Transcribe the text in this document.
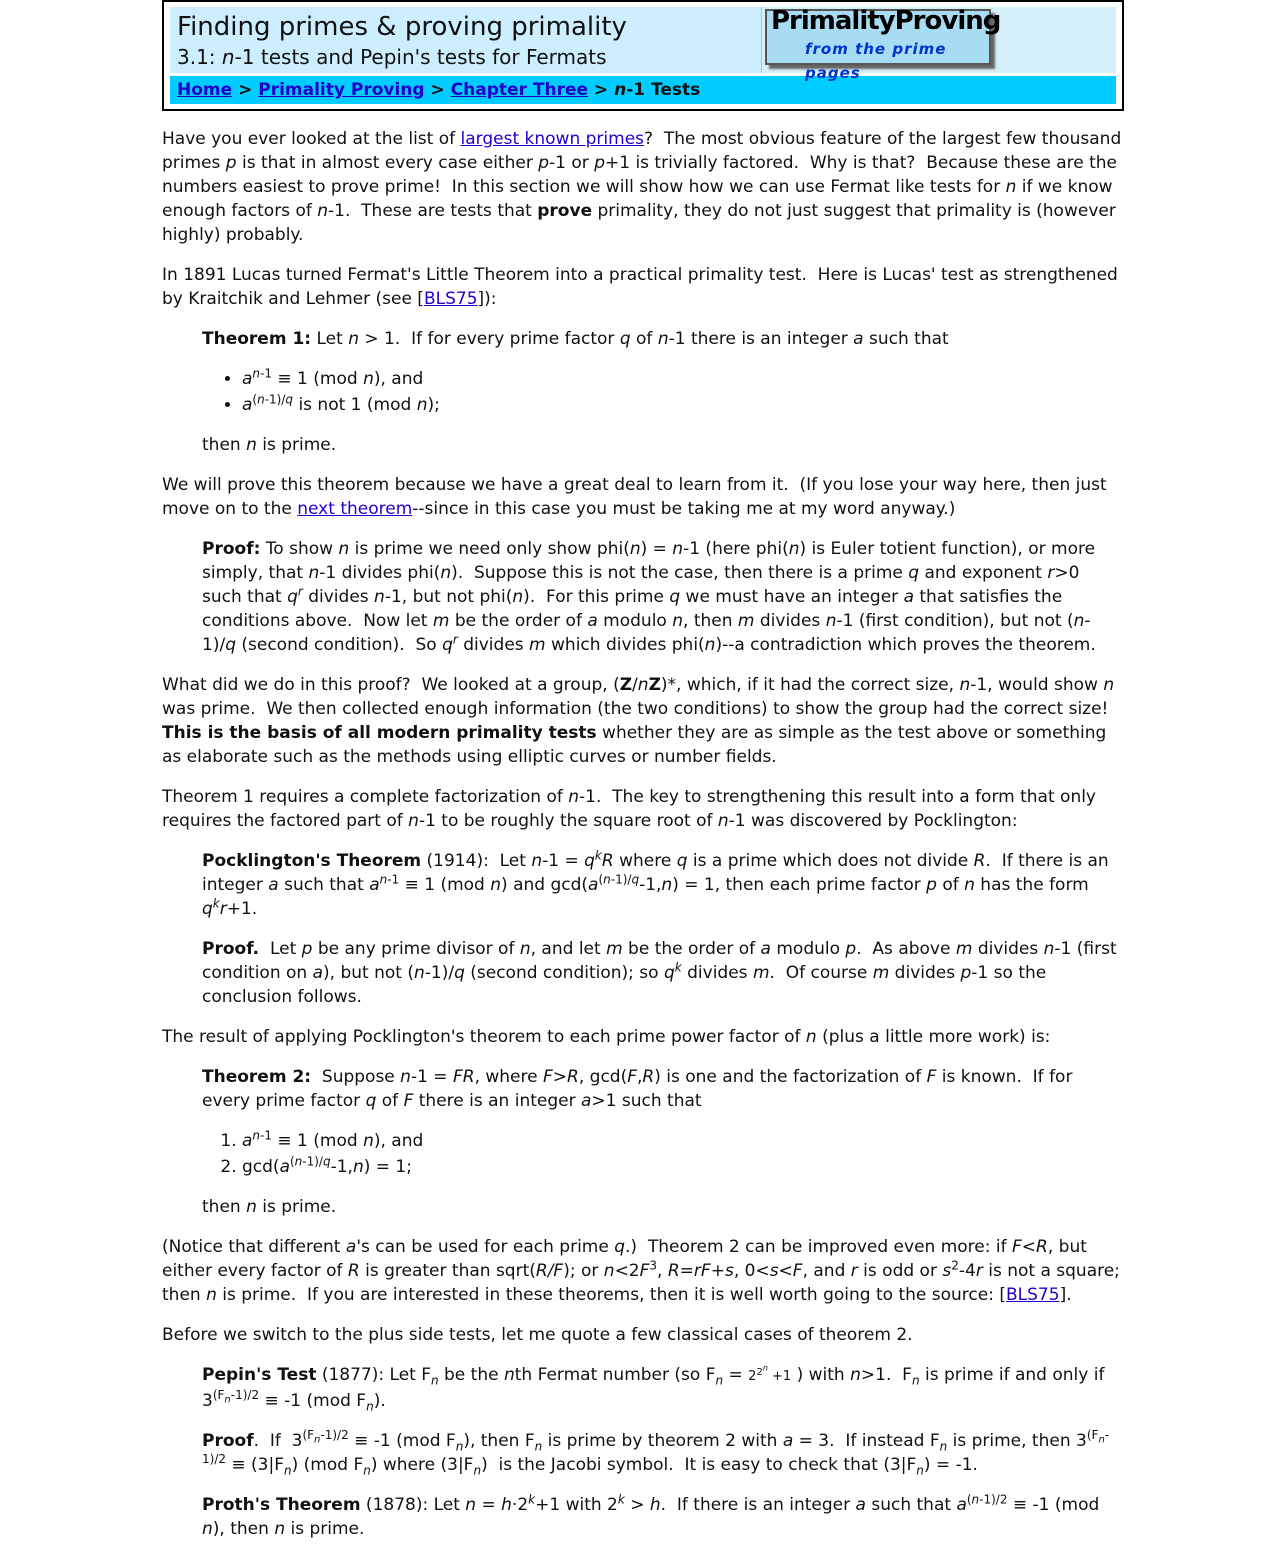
Finding primes & proving primality
3.1: n-1 tests and Pepin's tests for Fermats
PrimalityProving
from the prime pages
Home > Primality Proving > Chapter Three > n-1 Tests

Have you ever looked at the list of largest known primes?  The most obvious feature of the largest few thousand primes p is that in almost every case either p-1 or p+1 is trivially factored.  Why is that?  Because these are the numbers easiest to prove prime!  In this section we will show how we can use Fermat like tests for n if we know enough factors of n-1.  These are tests that prove primality, they do not just suggest that primality is (however highly) probably.

In 1891 Lucas turned Fermat's Little Theorem into a practical primality test.  Here is Lucas' test as strengthened by Kraitchik and Lehmer (see [BLS75]):

Theorem 1: Let n > 1.  If for every prime factor q of n-1 there is an integer a such that

• $a^{n-1} \equiv 1$ (mod n), and
• $a^{(n-1)/q}$ is not 1 (mod n);

then n is prime.

We will prove this theorem because we have a great deal to learn from it.  (If you lose your way here, then just move on to the next theorem--since in this case you must be taking me at my word anyway.)

Proof: To show n is prime we need only show phi(n) = n-1 (here phi(n) is Euler totient function), or more simply, that n-1 divides phi(n).  Suppose this is not the case, then there is a prime q and exponent r>0 such that $q^r$ divides n-1, but not phi(n).  For this prime q we must have an integer a that satisfies the conditions above.  Now let m be the order of a modulo n, then m divides n-1 (first condition), but not (n-1)/q (second condition).  So $q^r$ divides m which divides phi(n)--a contradiction which proves the theorem.

What did we do in this proof?  We looked at a group, (Z/nZ)*, which, if it had the correct size, n-1, would show n was prime.  We then collected enough information (the two conditions) to show the group had the correct size!  This is the basis of all modern primality tests whether they are as simple as the test above or something as elaborate such as the methods using elliptic curves or number fields.

Theorem 1 requires a complete factorization of n-1.  The key to strengthening this result into a form that only requires the factored part of n-1 to be roughly the square root of n-1 was discovered by Pocklington:

Pocklington's Theorem (1914):  Let $n-1 = q^kR$ where q is a prime which does not divide R.  If there is an integer a such that $a^{n-1} \equiv 1$ (mod n) and $\gcd(a^{(n-1)/q}-1,n) = 1$, then each prime factor p of n has the form $q^kr+1$.

Proof.  Let p be any prime divisor of n, and let m be the order of a modulo p.  As above m divides n-1 (first condition on a), but not (n-1)/q (second condition); so $q^k$ divides m.  Of course m divides p-1 so the conclusion follows.

The result of applying Pocklington's theorem to each prime power factor of n (plus a little more work) is:

Theorem 2:  Suppose n-1 = FR, where F>R, gcd(F,R) is one and the factorization of F is known.  If for every prime factor q of F there is an integer a>1 such that

1. $a^{n-1} \equiv 1$ (mod n), and
2. $\gcd(a^{(n-1)/q}-1,n) = 1$;

then n is prime.

(Notice that different a's can be used for each prime q.)  Theorem 2 can be improved even more: if F<R, but either every factor of R is greater than sqrt(R/F); or $n<2F^3$, R=rF+s, 0<s<F, and r is odd or $s^2-4r$ is not a square; then n is prime.  If you are interested in these theorems, then it is well worth going to the source: [BLS75].

Before we switch to the plus side tests, let me quote a few classical cases of theorem 2.

Pepin's Test (1877): Let $F_n$ be the nth Fermat number (so $F_n = 2^{2^n} +1$ ) with n>1.  $F_n$ is prime if and only if $3^{(F_n-1)/2} \equiv -1$ (mod $F_n$).

Proof.  If  $3^{(F_n-1)/2} \equiv -1$ (mod $F_n$), then $F_n$ is prime by theorem 2 with a = 3.  If instead $F_n$ is prime, then $3^{(F_n-1)/2} \equiv (3|F_n)$ (mod $F_n$) where $(3|F_n)$  is the Jacobi symbol.  It is easy to check that $(3|F_n) = -1$.

Proth's Theorem (1878): Let $n = h\cdot 2^k+1$ with $2^k > h$.  If there is an integer a such that $a^{(n-1)/2} \equiv -1$ (mod n), then n is prime.
